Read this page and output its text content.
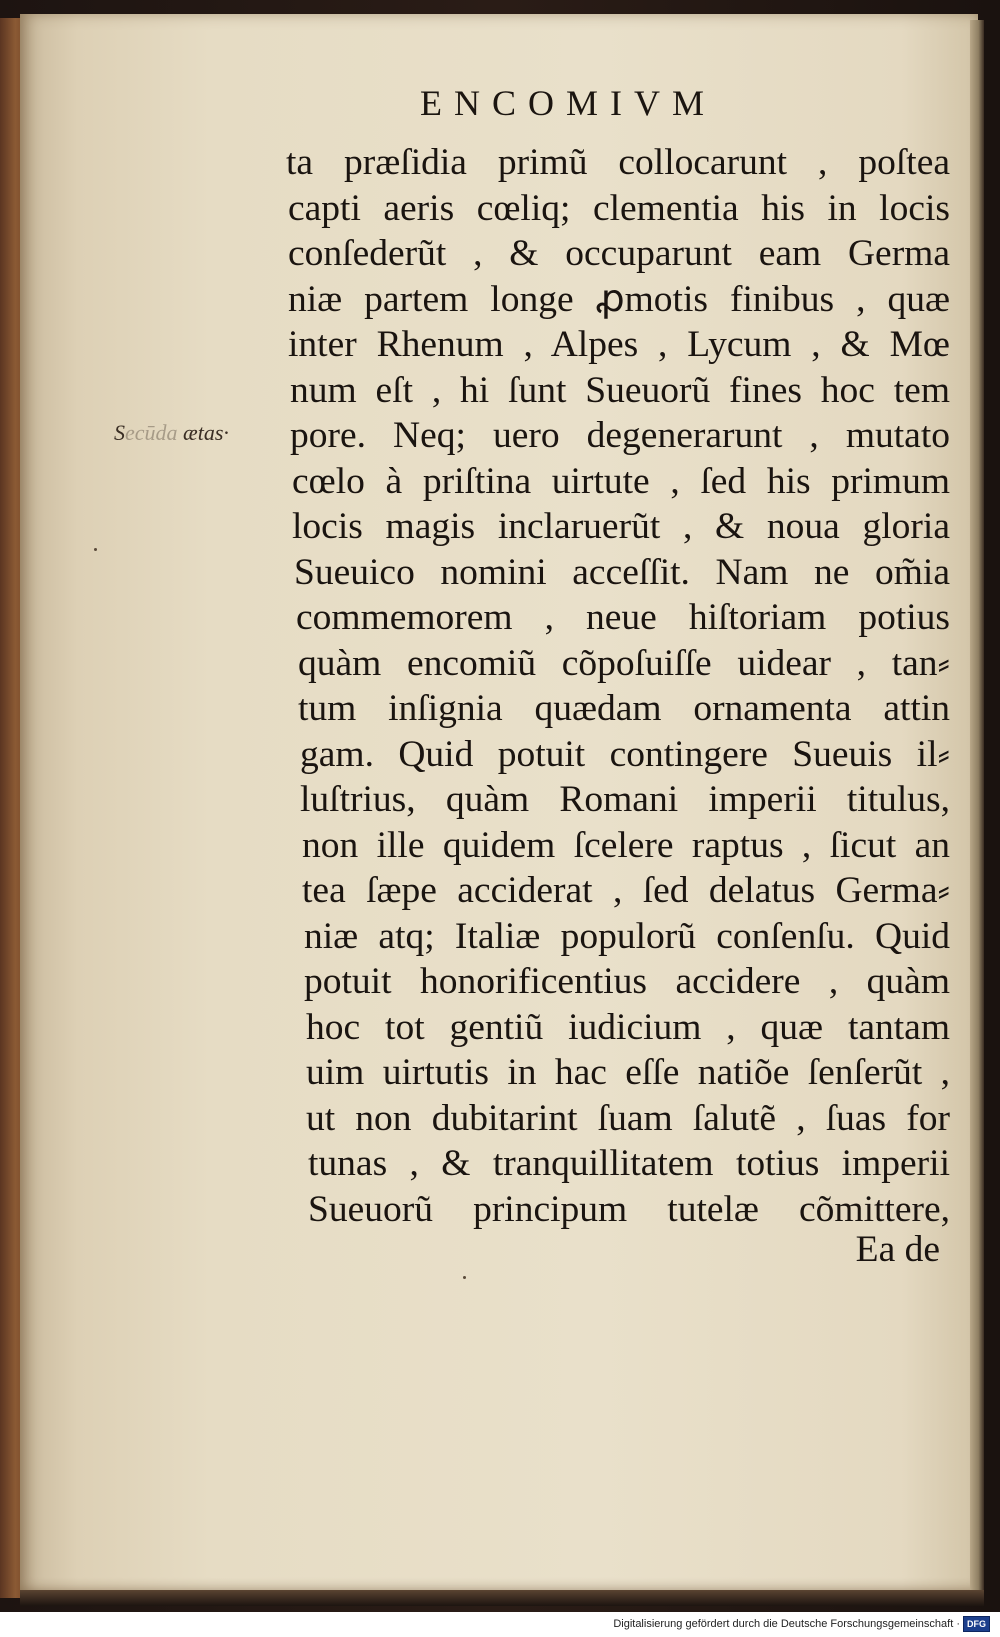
ENCOMIVM
Secūda ætas·
ta præſidia primũ collocarunt , poſtea
capti aeris cœliq; clementia his in locis
conſederũt , & occuparunt eam Germa
niæ partem longe ꝓmotis finibus , quæ
inter Rhenum , Alpes , Lycum , & Mœ
num eſt , hi ſunt Sueuorũ fines hoc tem
pore. Neq; uero degenerarunt , mutato
cœlo à priſtina uirtute , ſed his primum
locis magis inclaruerũt , & noua gloria
Sueuico nomini acceſſit. Nam ne om̃ia
commemorem , neue hiſtoriam potius
quàm encomiũ cõpoſuiſſe uidear , tan⸗
tum inſignia quædam ornamenta attin
gam. Quid potuit contingere Sueuis il⸗
luſtrius, quàm Romani imperii titulus,
non ille quidem ſcelere raptus , ſicut an
tea ſæpe acciderat , ſed delatus Germa⸗
niæ atq; Italiæ populorũ conſenſu. Quid
potuit honorificentius accidere , quàm
hoc tot gentiũ iudicium , quæ tantam
uim uirtutis in hac eſſe natiõe ſenſerũt ,
ut non dubitarint ſuam ſalutẽ , ſuas for
tunas , & tranquillitatem totius imperii
Sueuorũ principum tutelæ cõmittere,
Ea de
Digitalisierung gefördert durch die Deutsche Forschungsgemeinschaft · DFG
